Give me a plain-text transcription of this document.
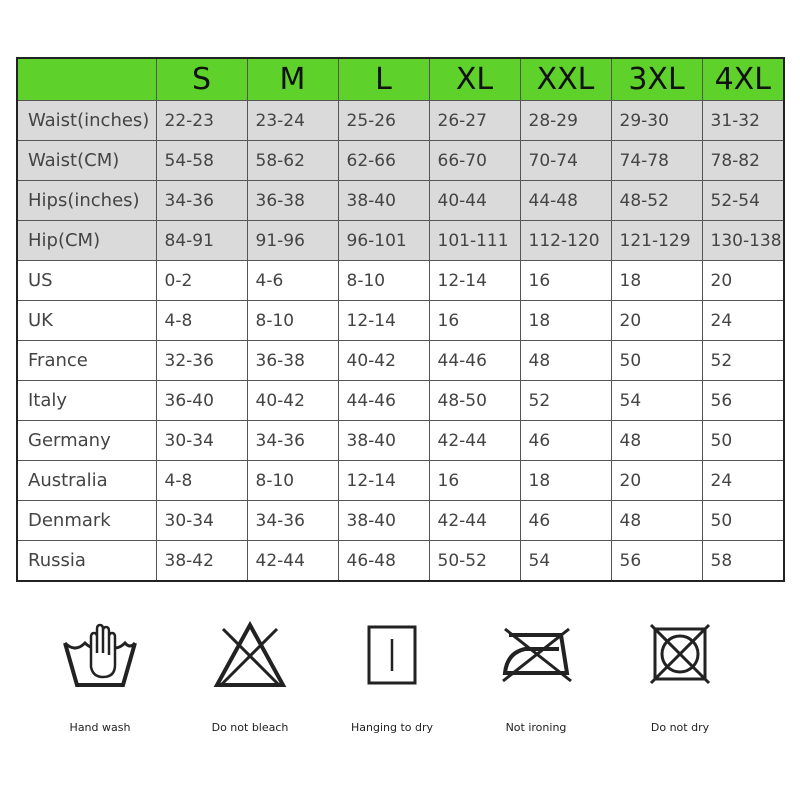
	S	M	L	XL	XXL	3XL	4XL
Waist(inches)	22-23	23-24	25-26	26-27	28-29	29-30	31-32
Waist(CM)	54-58	58-62	62-66	66-70	70-74	74-78	78-82
Hips(inches)	34-36	36-38	38-40	40-44	44-48	48-52	52-54
Hip(CM)	84-91	91-96	96-101	101-111	112-120	121-129	130-138
US	0-2	4-6	8-10	12-14	16	18	20
UK	4-8	8-10	12-14	16	18	20	24
France	32-36	36-38	40-42	44-46	48	50	52
Italy	36-40	40-42	44-46	48-50	52	54	56
Germany	30-34	34-36	38-40	42-44	46	48	50
Australia	4-8	8-10	12-14	16	18	20	24
Denmark	30-34	34-36	38-40	42-44	46	48	50
Russia	38-42	42-44	46-48	50-52	54	56	58
Hand wash	Do not bleach	Hanging to dry	Not ironing	Do not dry
